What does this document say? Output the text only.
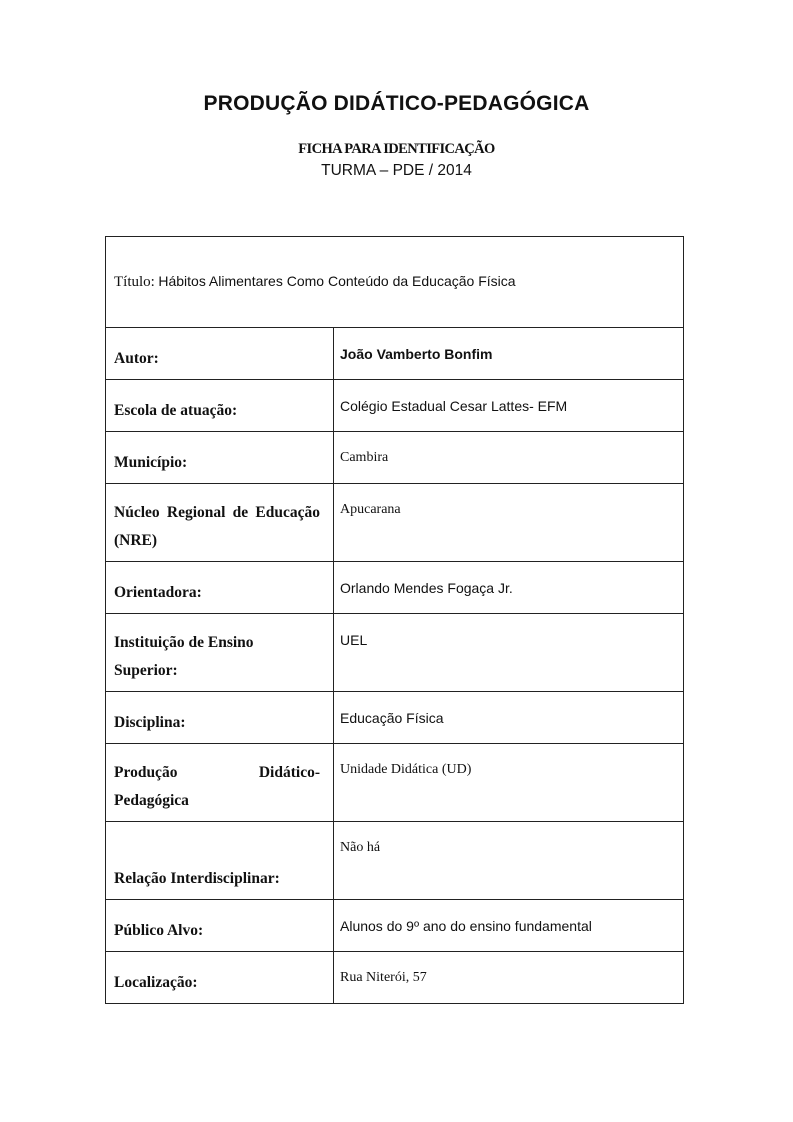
PRODUÇÃO DIDÁTICO-PEDAGÓGICA
FICHA PARA IDENTIFICAÇÃO
TURMA – PDE / 2014
Título: Hábitos Alimentares Como Conteúdo da Educação Física	

Autor:	João Vamberto Bonfim

Escola de atuação:	Colégio Estadual Cesar Lattes- EFM

Município:	Cambira

Núcleo Regional de Educação (NRE)	Apucarana

Orientadora:	Orlando Mendes Fogaça Jr.

Instituição de Ensino Superior:	UEL

Disciplina:	Educação Física

Produção Didático- Pedagógica	Unidade Didática (UD)

Relação Interdisciplinar:	Não há

Público Alvo:	Alunos do 9º ano do ensino fundamental

Localização:	Rua Niterói, 57
